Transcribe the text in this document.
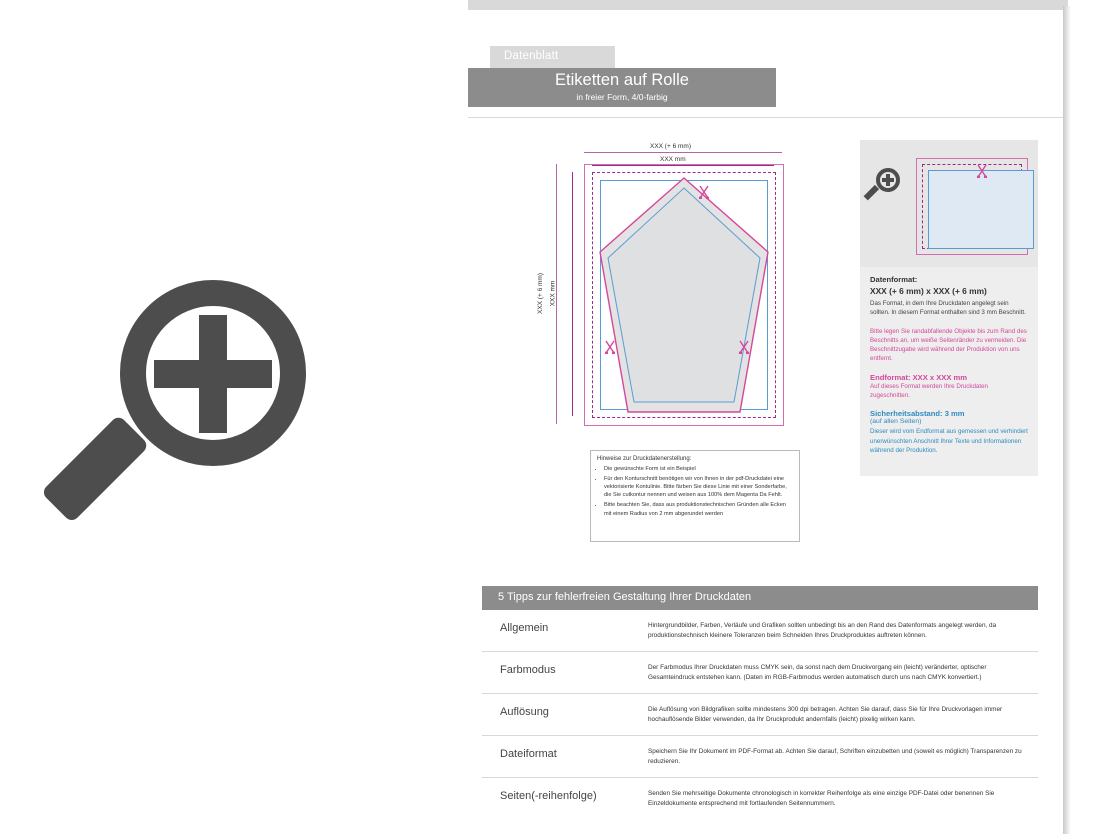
Datenblatt
Etiketten auf Rolle
in freier Form, 4/0-farbig
XXX (+ 6 mm)
XXX mm
XXX (+ 6 mm) XXX mm
Hinweise zur Druckdatenerstellung:
• Die gewünschte Form ist ein Beispiel
• Für den Konturschnitt benötigen wir von Ihnen in der pdf-Druckdatei eine vektorisierte Kontulinie. Bitte färben Sie diese Linie mit einer Sonderfarbe, die Sie cutkontur nennen und weisen aus 100% dem Magenta Da Fehlt.
• Bitte beachten Sie, dass aus produktionstechnischen Gründen alle Ecken mit einem Radius von 2 mm abgerundet werden
Datenformat:
XXX (+ 6 mm) x XXX (+ 6 mm)

Das Format, in dem Ihre Druckdaten angelegt sein sollten. In diesem Format enthalten sind 3 mm Beschnitt.

Bitte legen Sie randabfallende Objekte bis zum Rand des Beschnitts an, um weiße Seitenränder zu vermeiden. Die Beschnittzugabe wird während der Produktion von uns entfernt.

Endformat: XXX x XXX mm

Auf dieses Format werden Ihre Druckdaten zugeschnitten.

Sicherheitsabstand: 3 mm
(auf allen Seiten)

Dieser wird vom Endformat aus gemessen und verhindert unerwünschten Anschnitt Ihrer Texte und Informationen während der Produktion.

5 Tipps zur fehlerfreien Gestaltung Ihrer Druckdaten
Allgemein	Hintergrundbilder, Farben, Verläufe und Grafiken sollten unbedingt bis an den Rand des Datenformats angelegt werden, da produktionstechnisch kleinere Toleranzen beim Schneiden Ihres Druckproduktes auftreten können.
Farbmodus	Der Farbmodus Ihrer Druckdaten muss CMYK sein, da sonst nach dem Druckvorgang ein (leicht) veränderter, optischer Gesamteindruck entstehen kann. (Daten im RGB-Farbmodus werden automatisch durch uns nach CMYK konvertiert.)
Auflösung	Die Auflösung von Bildgrafiken sollte mindestens 300 dpi betragen. Achten Sie darauf, dass Sie für Ihre Druckvorlagen immer hochauflösende Bilder verwenden, da Ihr Druckprodukt andernfalls (leicht) pixelig wirken kann.
Dateiformat	Speichern Sie Ihr Dokument im PDF-Format ab. Achten Sie darauf, Schriften einzubetten und (soweit es möglich) Transparenzen zu reduzieren.
Seiten(-reihenfolge)	Senden Sie mehrseitige Dokumente chronologisch in korrekter Reihenfolge als eine einzige PDF-Datei oder benennen Sie Einzeldokumente entsprechend mit fortlaufenden Seitennummern.
